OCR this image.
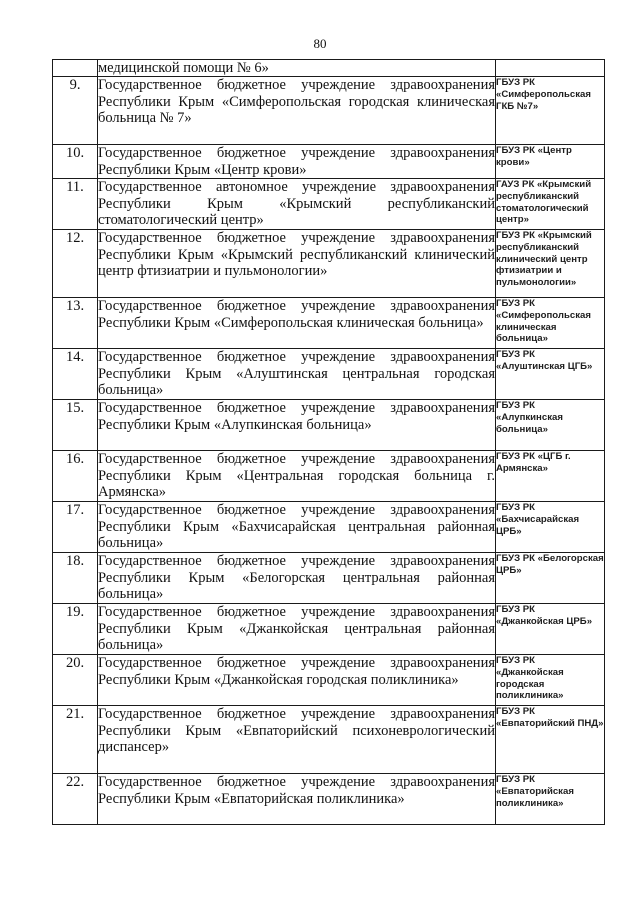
80
	медицинской помощи № 6»	
9.	Государственное бюджетное учреждение здравоохранения Республики Крым «Симферопольская городская клиническая больница № 7»	ГБУЗ РК «Симферопольская ГКБ №7»
10.	Государственное бюджетное учреждение здравоохранения Республики Крым «Центр крови»	ГБУЗ РК «Центр крови»
11.	Государственное автономное учреждение здравоохранения Республики Крым «Крымский республиканский стоматологический центр»	ГАУЗ РК «Крымский республиканский стоматологический центр»
12.	Государственное бюджетное учреждение здравоохранения Республики Крым «Крымский республиканский клинический центр фтизиатрии и пульмонологии»	ГБУЗ РК «Крымский республиканский клинический центр фтизиатрии и пульмонологии»
13.	Государственное бюджетное учреждение здравоохранения Республики Крым «Симферопольская клиническая больница»	ГБУЗ РК «Симферопольская клиническая больница»
14.	Государственное бюджетное учреждение здравоохранения Республики Крым «Алуштинская центральная городская больница»	ГБУЗ РК «Алуштинская ЦГБ»
15.	Государственное бюджетное учреждение здравоохранения Республики Крым «Алупкинская больница»	ГБУЗ РК «Алупкинская больница»
16.	Государственное бюджетное учреждение здравоохранения Республики Крым «Центральная городская больница г. Армянска»	ГБУЗ РК «ЦГБ г. Армянска»
17.	Государственное бюджетное учреждение здравоохранения Республики Крым «Бахчисарайская центральная районная больница»	ГБУЗ РК «Бахчисарайская ЦРБ»
18.	Государственное бюджетное учреждение здравоохранения Республики Крым «Белогорская центральная районная больница»	ГБУЗ РК «Белогорская ЦРБ»
19.	Государственное бюджетное учреждение здравоохранения Республики Крым «Джанкойская центральная районная больница»	ГБУЗ РК «Джанкойская ЦРБ»
20.	Государственное бюджетное учреждение здравоохранения Республики Крым «Джанкойская городская поликлиника»	ГБУЗ РК «Джанкойская городская поликлиника»
21.	Государственное бюджетное учреждение здравоохранения Республики Крым «Евпаторийский психоневрологический диспансер»	ГБУЗ РК «Евпаторийский ПНД»
22.	Государственное бюджетное учреждение здравоохранения Республики Крым «Евпаторийская поликлиника»	ГБУЗ РК «Евпаторийская поликлиника»
